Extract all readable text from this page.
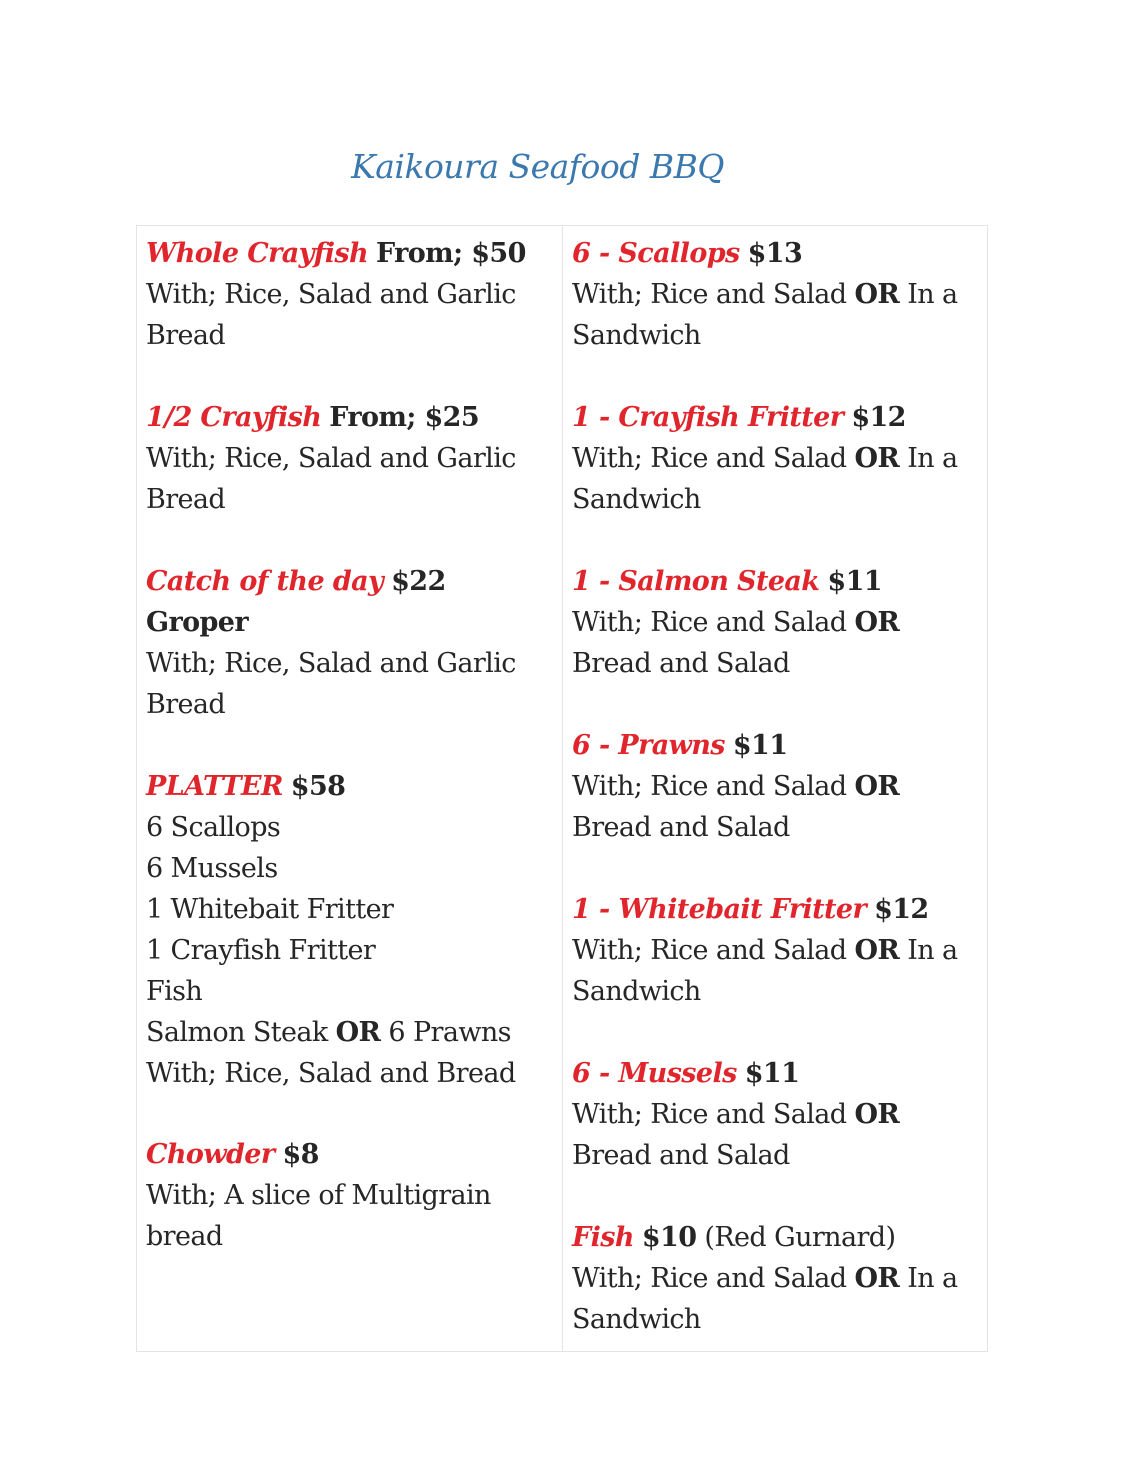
Kaikoura Seafood BBQ
Whole Crayfish From; $50
With; Rice, Salad and Garlic
Bread
1/2 Crayfish From; $25
With; Rice, Salad and Garlic
Bread
Catch of the day $22
Groper
With; Rice, Salad and Garlic
Bread
PLATTER $58
6 Scallops
6 Mussels
1 Whitebait Fritter
1 Crayfish Fritter
Fish
Salmon Steak OR 6 Prawns
With; Rice, Salad and Bread
Chowder $8
With; A slice of Multigrain
bread
6 - Scallops $13
With; Rice and Salad OR In a
Sandwich
1 - Crayfish Fritter $12
With; Rice and Salad OR In a
Sandwich
1 - Salmon Steak $11
With; Rice and Salad OR
Bread and Salad
6 - Prawns $11
With; Rice and Salad OR
Bread and Salad
1 - Whitebait Fritter $12
With; Rice and Salad OR In a
Sandwich
6 - Mussels $11
With; Rice and Salad OR
Bread and Salad
Fish $10 (Red Gurnard)
With; Rice and Salad OR In a
Sandwich
